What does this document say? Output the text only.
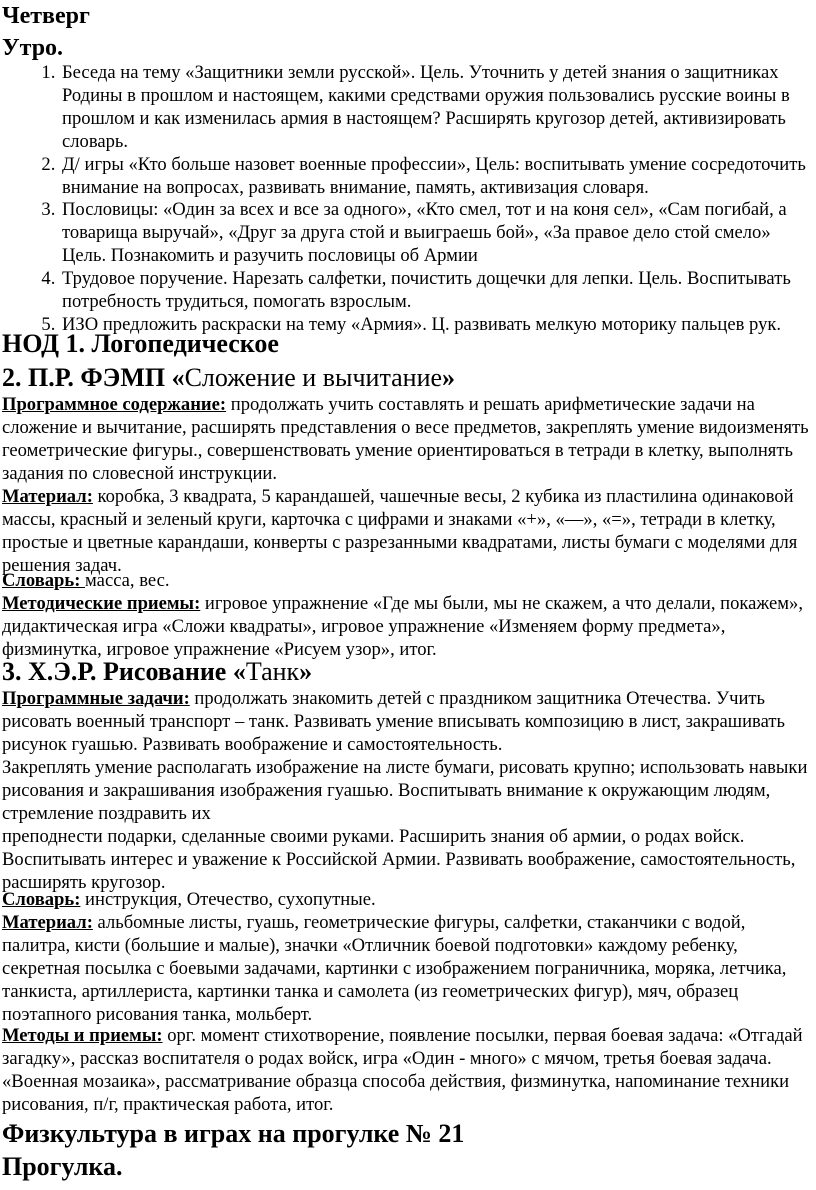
Четверг
Утро.
1. Беседа на тему «Защитники земли русской». Цель. Уточнить у детей знания о защитниках Родины в прошлом и настоящем, какими средствами оружия пользовались русские воины в прошлом и как изменилась армия в настоящем? Расширять кругозор детей, активизировать словарь.
2. Д/ игры «Кто больше назовет военные профессии», Цель: воспитывать умение сосредоточить внимание на вопросах, развивать внимание, память, активизация словаря.
3. Пословицы: «Один за всех и все за одного», «Кто смел, тот и на коня сел», «Сам погибай, а товарища выручай», «Друг за друга стой и выиграешь бой», «За правое дело стой смело» Цель. Познакомить и разучить пословицы об Армии
4. Трудовое поручение. Нарезать салфетки, почистить дощечки для лепки. Цель. Воспитывать потребность трудиться, помогать взрослым.
5. ИЗО предложить раскраски на тему «Армия». Ц. развивать мелкую моторику пальцев рук.
НОД 1. Логопедическое
2. П.Р. ФЭМП «Сложение и вычитание»

Программное содержание: продолжать учить составлять и решать арифметические задачи на сложение и вычитание, расширять представления о весе предметов, закреплять умение видоизменять геометрические фигуры., совершенствовать умение ориентироваться в тетради в клетку, выполнять задания по словесной инструкции.

Материал: коробка, 3 квадрата, 5 карандашей, чашечные весы, 2 кубика из пластилина одинаковой массы, красный и зеленый круги, карточка с цифрами и знаками «+», «—», «=», тетради в клетку, простые и цветные карандаши, конверты с разрезанными квадратами, листы бумаги с моделями для решения задач.

Словарь: масса, вес.

Методические приемы: игровое упражнение «Где мы были, мы не скажем, а что делали, покажем», дидактическая игра «Сложи квадраты», игровое упражнение «Изменяем форму предмета», физминутка, игровое упражнение «Рисуем узор», итог.

3. Х.Э.Р. Рисование «Танк»

Программные задачи: продолжать знакомить детей с праздником защитника Отечества. Учить рисовать военный транспорт – танк. Развивать умение вписывать композицию в лист, закрашивать рисунок гуашью. Развивать воображение и самостоятельность.

Закреплять умение располагать изображение на листе бумаги, рисовать крупно; использовать навыки рисования и закрашивания изображения гуашью. Воспитывать внимание к окружающим людям, стремление поздравить их

преподнести подарки, сделанные своими руками. Расширить знания об армии, о родах войск. Воспитывать интерес и уважение к Российской Армии. Развивать воображение, самостоятельность, расширять кругозор.

Словарь: инструкция, Отечество, сухопутные.

Материал: альбомные листы, гуашь, геометрические фигуры, салфетки, стаканчики с водой, палитра, кисти (большие и малые), значки «Отличник боевой подготовки» каждому ребенку, секретная посылка с боевыми задачами, картинки с изображением пограничника, моряка, летчика, танкиста, артиллериста, картинки танка и самолета (из геометрических фигур), мяч, образец поэтапного рисования танка, мольберт.

Методы и приемы: орг. момент стихотворение, появление посылки, первая боевая задача: «Отгадай загадку», рассказ воспитателя о родах войск, игра «Один - много» с мячом, третья боевая задача. «Военная мозаика», рассматривание образца способа действия, физминутка, напоминание техники рисования, п/г, практическая работа, итог.

Физкультура в играх на прогулке № 21
Прогулка.
